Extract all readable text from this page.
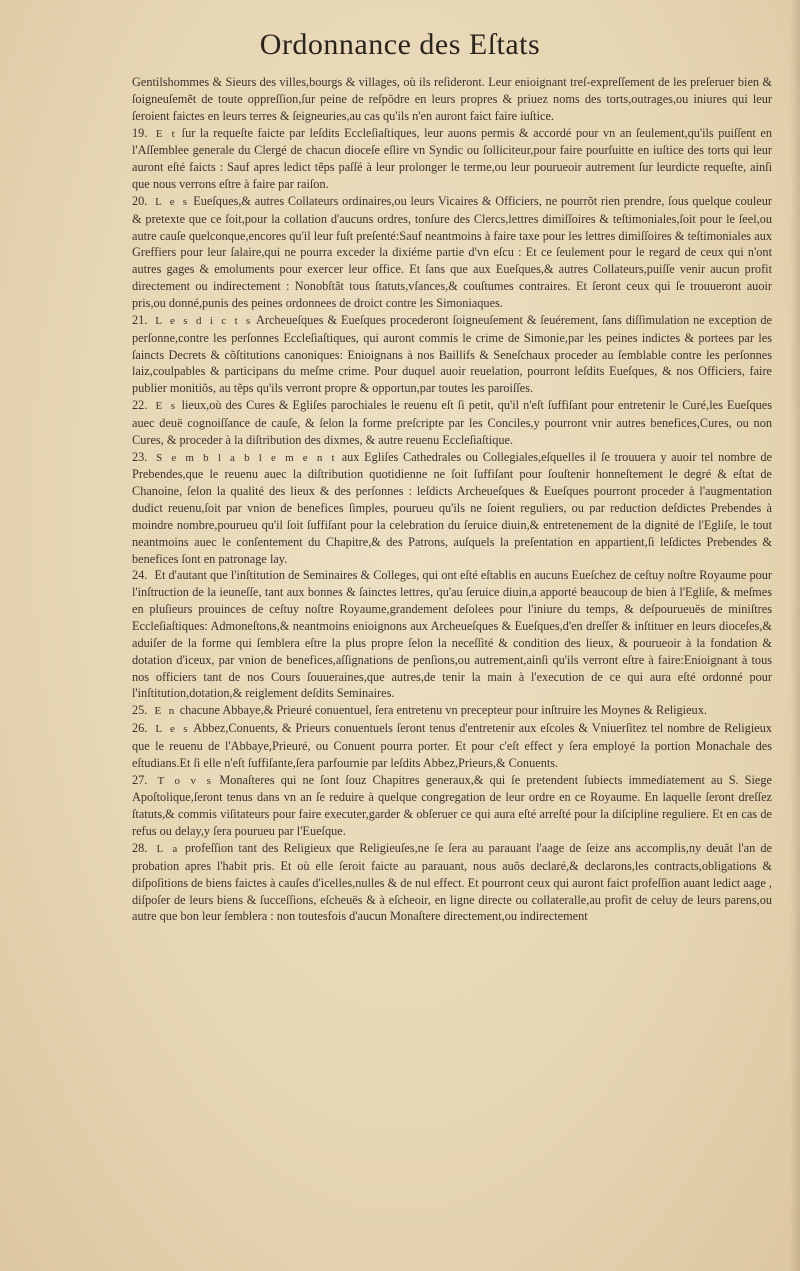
Ordonnance des Eſtats

Gentilshommes & Sieurs des villes,bourgs & villages, où ils reſideront. Leur enioignant treſ-expreſſement de les preſeruer bien & ſoigneuſemẽt de toute oppreſſion,ſur peine de reſpõdre en leurs propres & priuez noms des torts,outrages,ou iniures qui leur ſeroient faictes en leurs terres & ſeigneuries,au cas qu'ils n'en auront faict faire iuſtice.

19. E t ſur la requeſte faicte par leſdits Eccleſiaſtiques, leur auons permis & accordé pour vn an ſeulement,qu'ils puiſſent en l'Aſſemblee generale du Clergé de chacun dioceſe eſlire vn Syndic ou ſolliciteur,pour faire pourſuitte en iuſtice des torts qui leur auront eſté faicts : Sauf apres ledict tẽps paſſé à leur prolonger le terme,ou leur pourueoir autrement ſur leurdicte requeſte, ainſi que nous verrons eſtre à faire par raiſon.

20. L e s Eueſques,& autres Collateurs ordinaires,ou leurs Vicaires & Officiers, ne pourrõt rien prendre, ſous quelque couleur & pretexte que ce ſoit,pour la collation d'aucuns ordres, tonſure des Clercs,lettres dimiſſoires & teſtimoniales,ſoit pour le ſeel,ou autre cauſe quelconque,encores qu'il leur fuſt preſenté:Sauf neantmoins à faire taxe pour les lettres dimiſſoires & teſtimoniales aux Greffiers pour leur ſalaire,qui ne pourra exceder la dixiéme partie d'vn eſcu : Et ce ſeulement pour le regard de ceux qui n'ont autres gages & emoluments pour exercer leur office. Et ſans que aux Eueſques,& autres Collateurs,puiſſe venir aucun profit directement ou indirectement : Nonobſtãt tous ſtatuts,vſances,& couſtumes contraires. Et ſeront ceux qui ſe trouueront auoir pris,ou donné,punis des peines ordonnees de droict contre les Simoniaques.

21. L e s d i c t s Archeueſques & Eueſques procederont ſoigneuſement & ſeuérement, ſans diſſimulation ne exception de perſonne,contre les perſonnes Eccleſiaſtiques, qui auront commis le crime de Simonie,par les peines indictes & portees par les ſaincts Decrets & cõſtitutions canoniques: Enioignans à nos Baillifs & Seneſchaux proceder au ſemblable contre les perſonnes laiz,coulpables & participans du meſme crime. Pour duquel auoir reuelation, pourront leſdits Eueſques, & nos Officiers, faire publier monitiõs, au tẽps qu'ils verront propre & opportun,par toutes les paroiſſes.

22. E s lieux,où des Cures & Egliſes parochiales le reuenu eſt ſi petit, qu'il n'eſt ſuffiſant pour entretenir le Curé,les Eueſques auec deuë cognoiſſance de cauſe, & ſelon la forme preſcripte par les Conciles,y pourront vnir autres benefices,Cures, ou non Cures, & proceder à la diſtribution des dixmes, & autre reuenu Eccleſiaſtique.

23. S e m b l a b l e m e n t aux Egliſes Cathedrales ou Collegiales,eſquelles il ſe trouuera y auoir tel nombre de Prebendes,que le reuenu auec la diſtribution quotidienne ne ſoit ſuffiſant pour ſouſtenir honneſtement le degré & eſtat de Chanoine, ſelon la qualité des lieux & des perſonnes : leſdicts Archeueſques & Eueſques pourront proceder à l'augmentation dudict reuenu,ſoit par vnion de benefices ſimples, pourueu qu'ils ne ſoient reguliers, ou par reduction deſdictes Prebendes à moindre nombre,pourueu qu'il ſoit ſuffiſant pour la celebration du ſeruice diuin,& entretenement de la dignité de l'Egliſe, le tout neantmoins auec le conſentement du Chapitre,& des Patrons, auſquels la preſentation en appartient,ſi leſdictes Prebendes & benefices ſont en patronage lay.

24. Et d'autant que l'inſtitution de Seminaires & Colleges, qui ont eſté eſtablis en aucuns Eueſchez de ceſtuy noſtre Royaume pour l'inſtruction de la ieuneſſe, tant aux bonnes & ſainctes lettres, qu'au ſeruice diuin,a apporté beaucoup de bien à l'Egliſe, & meſmes en pluſieurs prouinces de ceſtuy noſtre Royaume,grandement deſolees pour l'iniure du temps, & deſpourueuës de miniſtres Eccleſiaſtiques: Admoneſtons,& neantmoins enioignons aux Archeueſques & Eueſques,d'en dreſſer & inſtituer en leurs dioceſes,& aduiſer de la forme qui ſemblera eſtre la plus propre ſelon la neceſſité & condition des lieux, & pourueoir à la fondation & dotation d'iceux, par vnion de benefices,aſſignations de penſions,ou autrement,ainſi qu'ils verront eſtre à faire:Enioignant à tous nos officiers tant de nos Cours ſouueraines,que autres,de tenir la main à l'execution de ce qui aura eſté ordonné pour l'inſtitution,dotation,& reiglement deſdits Seminaires.

25. E n chacune Abbaye,& Prieuré conuentuel, ſera entretenu vn precepteur pour inſtruire les Moynes & Religieux.

26. L e s Abbez,Conuents, & Prieurs conuentuels ſeront tenus d'entretenir aux eſcoles & Vniuerſitez tel nombre de Religieux que le reuenu de l'Abbaye,Prieuré, ou Conuent pourra porter. Et pour c'eſt effect y ſera employé la portion Monachale des eſtudians.Et ſi elle n'eſt ſuffiſante,ſera parfournie par leſdits Abbez,Prieurs,& Conuents.

27. T o v s Monaſteres qui ne ſont ſouz Chapitres generaux,& qui ſe pretendent ſubiects immediatement au S. Siege Apoſtolique,ſeront tenus dans vn an ſe reduire à quelque congregation de leur ordre en ce Royaume. En laquelle ſeront dreſſez ſtatuts,& commis viſitateurs pour faire executer,garder & obſeruer ce qui aura eſté arreſté pour la diſcipline reguliere. Et en cas de refus ou delay,y ſera pourueu par l'Eueſque.

28. L a profeſſion tant des Religieux que Religieuſes,ne ſe ſera au parauant l'aage de ſeize ans accomplis,ny deuãt l'an de probation apres l'habit pris. Et où elle ſeroit faicte au parauant, nous auõs declaré,& declarons,les contracts,obligations & diſpoſitions de biens faictes à cauſes d'icelles,nulles & de nul effect. Et pourront ceux qui auront faict profeſſion auant ledict aage , diſpoſer de leurs biens & ſucceſſions, eſcheuës & à eſcheoir, en ligne directe ou collateralle,au profit de celuy de leurs parens,ou autre que bon leur ſemblera : non toutesfois d'aucun Monaſtere directement,ou indirectement
